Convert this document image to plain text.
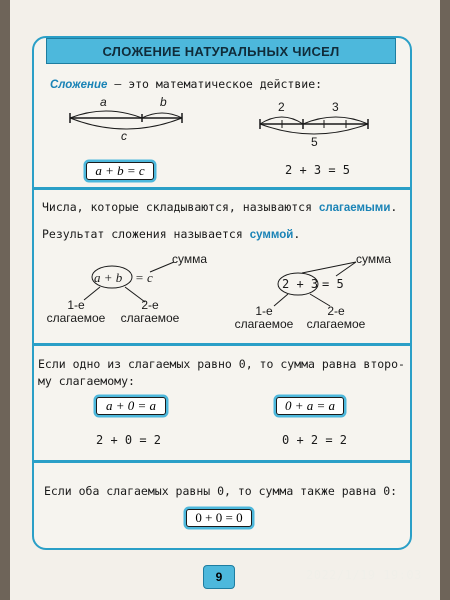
СЛОЖЕНИЕ НАТУРАЛЬНЫХ ЧИСЕЛ
Сложение — это математическое действие:
a	b
c
2	3
5
a + b = c	2 + 3 = 5
Числа, которые складываются, называются слагаемыми.
Результат сложения называется суммой.
a + b = c
сумма
1-е
слагаемое
2-е
слагаемое
2 + 3 = 5
сумма
1-е
слагаемое
2-е
слагаемое
Если одно из слагаемых равно 0, то сумма равна второ-
му слагаемому:
a + 0 = a	0 + a = a
2 + 0 = 2	0 + 2 = 2
Если оба слагаемых равны 0, то сумма также равна 0:
0 + 0 = 0
9	2022/1/19 19:03
